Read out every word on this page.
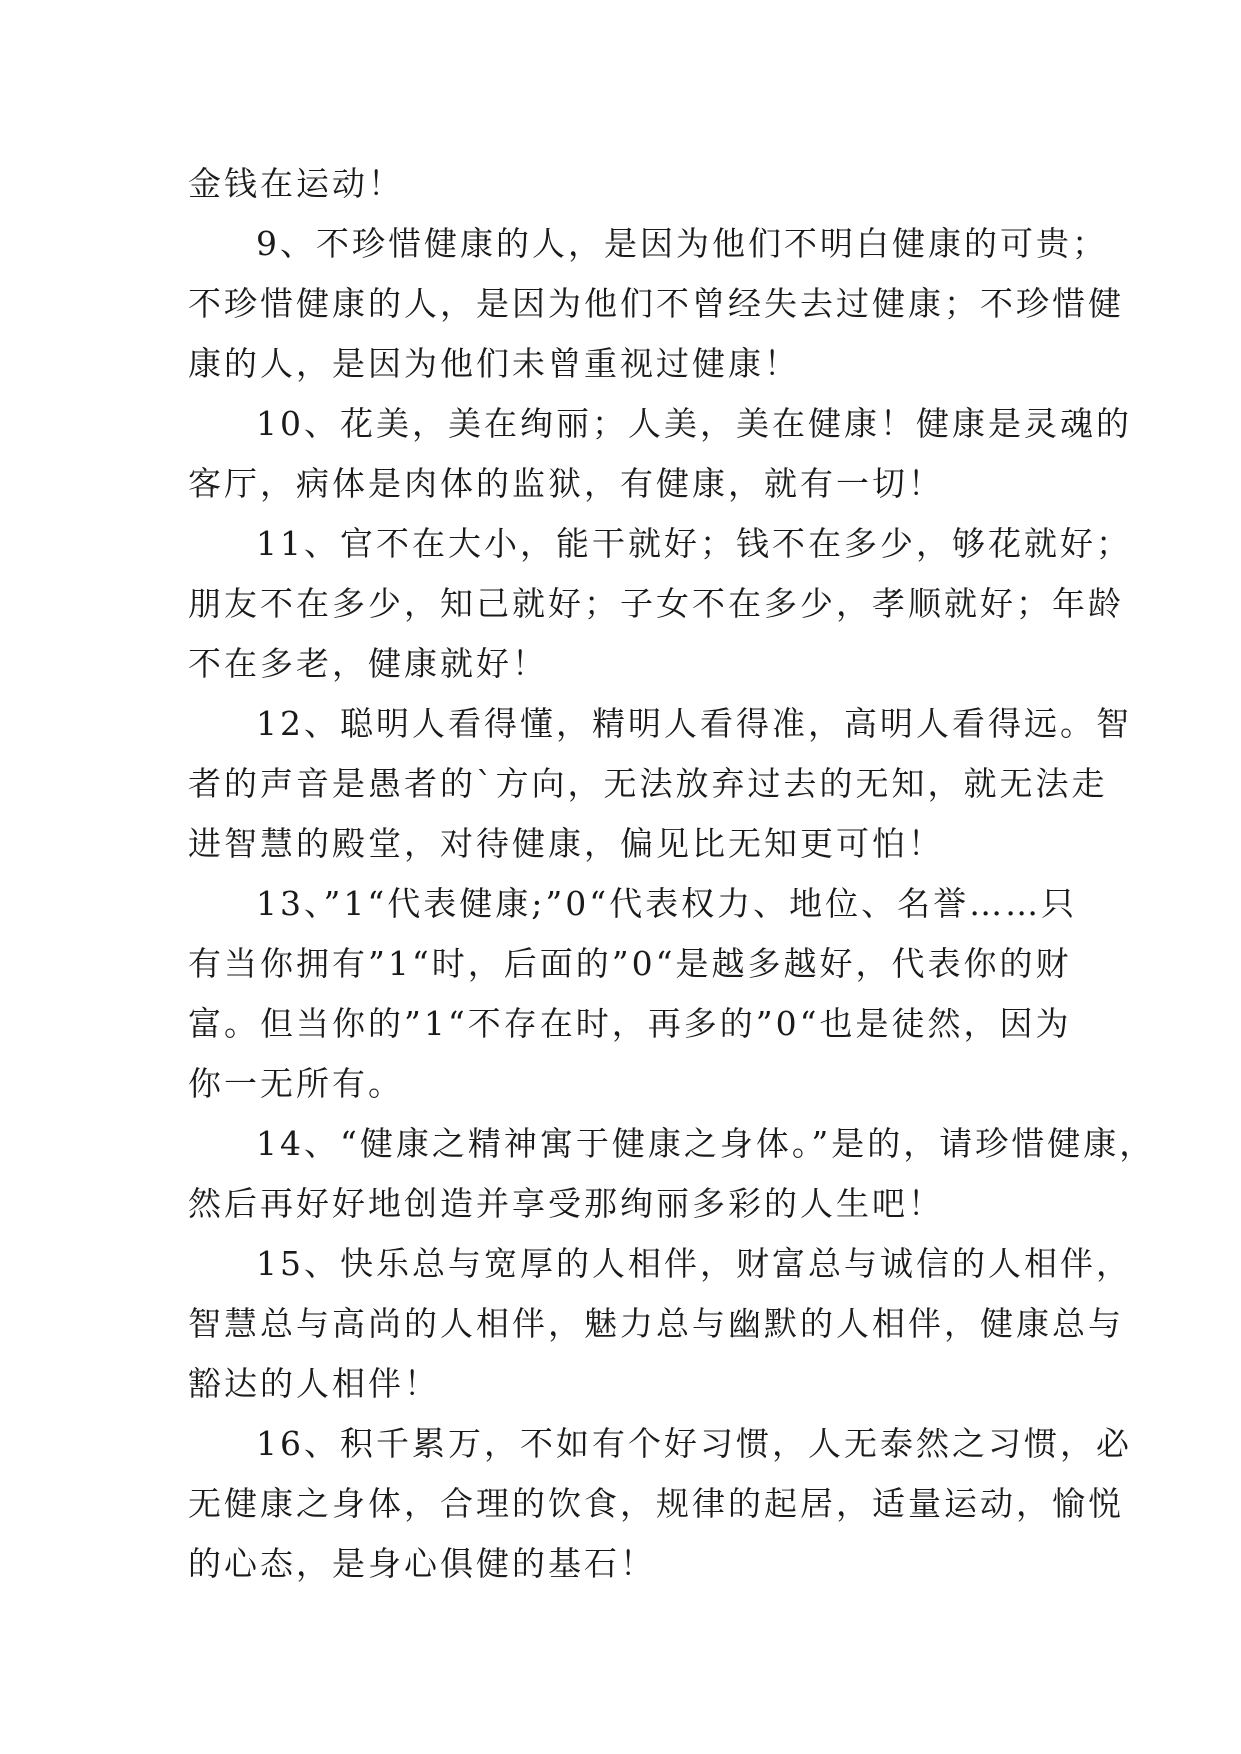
金钱在运动！
9、不珍惜健康的人，是因为他们不明白健康的可贵；
不珍惜健康的人，是因为他们不曾经失去过健康；不珍惜健
康的人，是因为他们未曾重视过健康！
10、花美，美在绚丽；人美，美在健康！健康是灵魂的
客厅，病体是肉体的监狱，有健康，就有一切！
11、官不在大小，能干就好；钱不在多少，够花就好；
朋友不在多少，知己就好；子女不在多少，孝顺就好；年龄
不在多老，健康就好！
12、聪明人看得懂，精明人看得准，高明人看得远。智
者的声音是愚者的`方向，无法放弃过去的无知，就无法走
进智慧的殿堂，对待健康，偏见比无知更可怕！
13、”1“代表健康;”0“代表权力、地位、名誉……只
有当你拥有”1“时，后面的”0“是越多越好，代表你的财
富。但当你的”1“不存在时，再多的”0“也是徒然，因为
你一无所有。
14、“健康之精神寓于健康之身体。”是的，请珍惜健康，
然后再好好地创造并享受那绚丽多彩的人生吧！
15、快乐总与宽厚的人相伴，财富总与诚信的人相伴，
智慧总与高尚的人相伴，魅力总与幽默的人相伴，健康总与
豁达的人相伴！
16、积千累万，不如有个好习惯，人无泰然之习惯，必
无健康之身体，合理的饮食，规律的起居，适量运动，愉悦
的心态，是身心俱健的基石！
